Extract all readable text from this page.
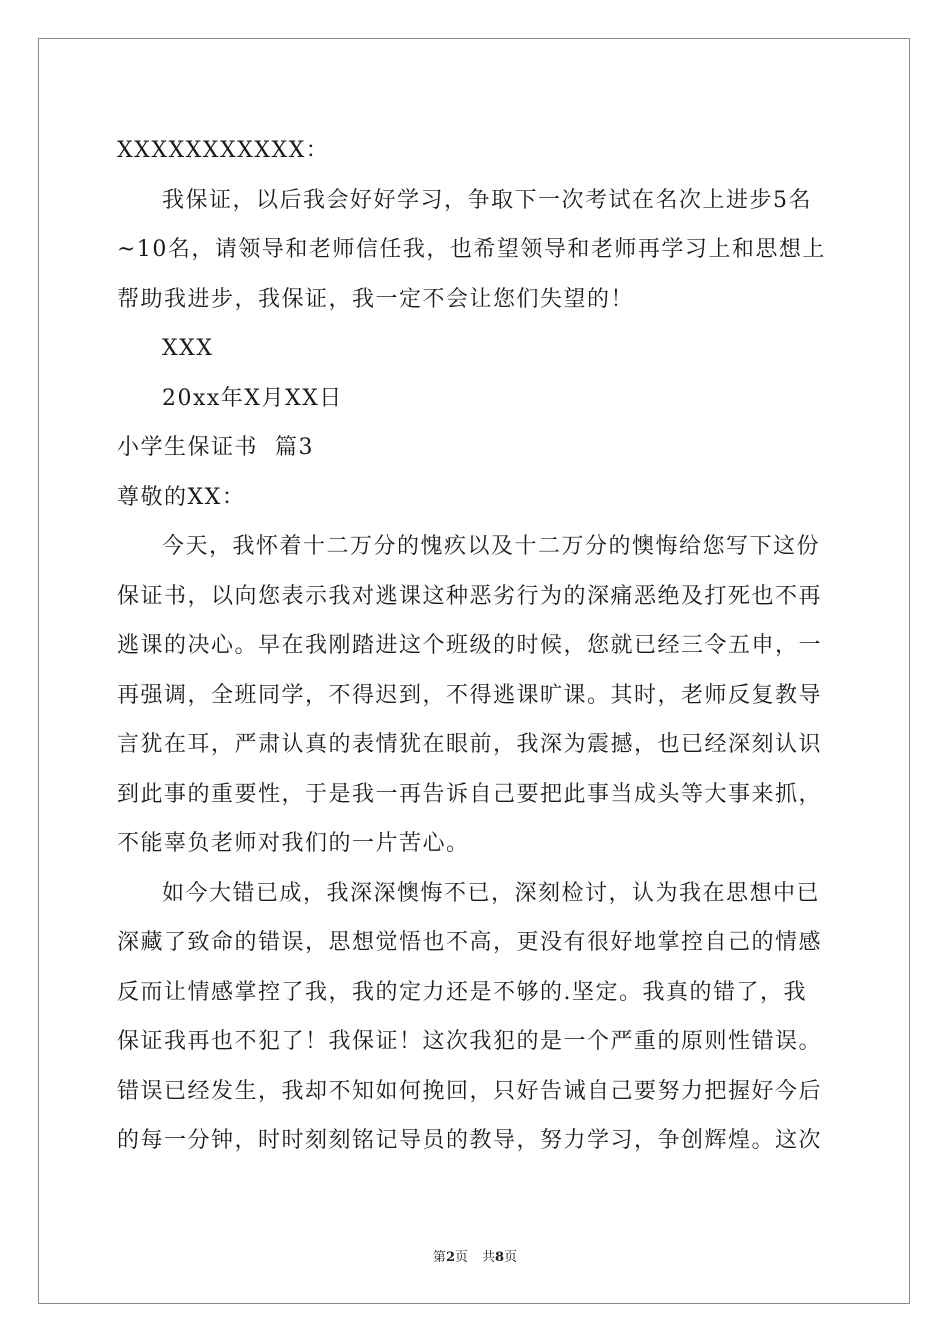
XXXXXXXXXXX：
我保证，以后我会好好学习，争取下一次考试在名次上进步5名
~10名，请领导和老师信任我，也希望领导和老师再学习上和思想上
帮助我进步，我保证，我一定不会让您们失望的！
XXX
20xx年X月XX日
小学生保证书  篇3
尊敬的XX：
今天，我怀着十二万分的愧疚以及十二万分的懊悔给您写下这份
保证书，以向您表示我对逃课这种恶劣行为的深痛恶绝及打死也不再
逃课的决心。早在我刚踏进这个班级的时候，您就已经三令五申，一
再强调，全班同学，不得迟到，不得逃课旷课。其时，老师反复教导
言犹在耳，严肃认真的表情犹在眼前，我深为震撼，也已经深刻认识
到此事的重要性，于是我一再告诉自己要把此事当成头等大事来抓，
不能辜负老师对我们的一片苦心。
如今大错已成，我深深懊悔不已，深刻检讨，认为我在思想中已
深藏了致命的错误，思想觉悟也不高，更没有很好地掌控自己的情感
反而让情感掌控了我，我的定力还是不够的.坚定。我真的错了，我
保证我再也不犯了！我保证！这次我犯的是一个严重的原则性错误。
错误已经发生，我却不知如何挽回，只好告诫自己要努力把握好今后
的每一分钟，时时刻刻铭记导员的教导，努力学习，争创辉煌。这次
第2页 共8页
